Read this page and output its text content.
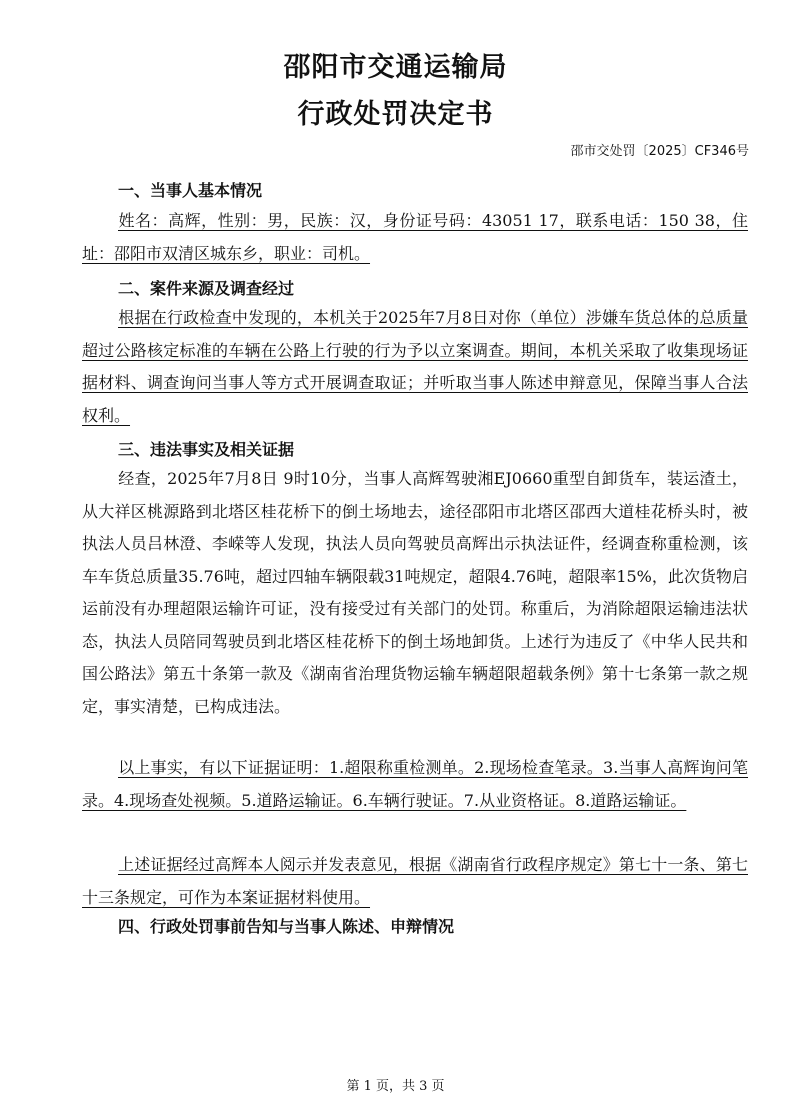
邵阳市交通运输局
行政处罚决定书
邵市交处罚〔2025〕CF346号
一、当事人基本情况
姓名：高辉，性别：男，民族：汉，身份证号码：43051 17，联系电话：150 38，住址：邵阳市双清区城东乡，职业：司机。
二、案件来源及调查经过
根据在行政检查中发现的，本机关于2025年7月8日对你（单位）涉嫌车货总体的总质量超过公路核定标准的车辆在公路上行驶的行为予以立案调查。期间，本机关采取了收集现场证据材料、调查询问当事人等方式开展调查取证；并听取当事人陈述申辩意见，保障当事人合法权利。
三、违法事实及相关证据
经查，2025年7月8日 9时10分，当事人高辉驾驶湘EJ0660重型自卸货车，装运渣土，从大祥区桃源路到北塔区桂花桥下的倒土场地去，途径邵阳市北塔区邵西大道桂花桥头时，被执法人员吕林澄、李嵘等人发现，执法人员向驾驶员高辉出示执法证件，经调查称重检测，该车车货总质量35.76吨，超过四轴车辆限载31吨规定，超限4.76吨，超限率15%，此次货物启运前没有办理超限运输许可证，没有接受过有关部门的处罚。称重后，为消除超限运输违法状态，执法人员陪同驾驶员到北塔区桂花桥下的倒土场地卸货。上述行为违反了《中华人民共和国公路法》第五十条第一款及《湖南省治理货物运输车辆超限超载条例》第十七条第一款之规定，事实清楚，已构成违法。
以上事实，有以下证据证明：1.超限称重检测单。2.现场检查笔录。3.当事人高辉询问笔录。4.现场查处视频。5.道路运输证。6.车辆行驶证。7.从业资格证。8.道路运输证。
上述证据经过高辉本人阅示并发表意见，根据《湖南省行政程序规定》第七十一条、第七十三条规定，可作为本案证据材料使用。
四、行政处罚事前告知与当事人陈述、申辩情况
第 1 页，共 3 页
